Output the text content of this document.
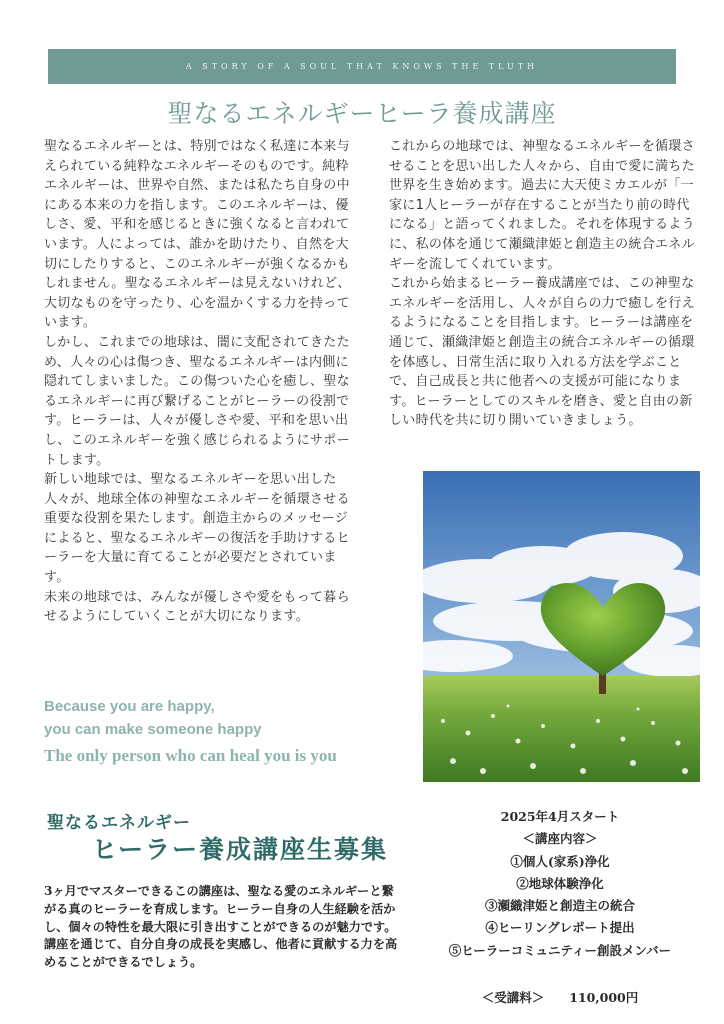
A STORY OF A SOUL THAT KNOWS THE TLUTH
聖なるエネルギーヒーラ養成講座

聖なるエネルギーとは、特別ではなく私達に本来与えられている純粋なエネルギーそのものです。純粋エネルギーは、世界や自然、または私たち自身の中にある本来の力を指します。このエネルギーは、優しさ、愛、平和を感じるときに強くなると言われています。人によっては、誰かを助けたり、自然を大切にしたりすると、このエネルギーが強くなるかもしれません。聖なるエネルギーは見えないけれど、大切なものを守ったり、心を温かくする力を持っています。

しかし、これまでの地球は、闇に支配されてきたため、人々の心は傷つき、聖なるエネルギーは内側に隠れてしまいました。この傷ついた心を癒し、聖なるエネルギーに再び繋げることがヒーラーの役割です。ヒーラーは、人々が優しさや愛、平和を思い出し、このエネルギーを強く感じられるようにサポートします。

新しい地球では、聖なるエネルギーを思い出した人々が、地球全体の神聖なエネルギーを循環させる重要な役割を果たします。創造主からのメッセージによると、聖なるエネルギーの復活を手助けするヒーラーを大量に育てることが必要だとされています。

未来の地球では、みんなが優しさや愛をもって暮らせるようにしていくことが大切になります。

これからの地球では、神聖なるエネルギーを循環させることを思い出した人々から、自由で愛に満ちた世界を生き始めます。過去に大天使ミカエルが「一家に1人ヒーラーが存在することが当たり前の時代になる」と語ってくれました。それを体現するように、私の体を通じて瀬織津姫と創造主の統合エネルギーを流してくれています。

これから始まるヒーラー養成講座では、この神聖なエネルギーを活用し、人々が自らの力で癒しを行えるようになることを目指します。ヒーラーは講座を通じて、瀬織津姫と創造主の統合エネルギーの循環を体感し、日常生活に取り入れる方法を学ぶことで、自己成長と共に他者への支援が可能になります。ヒーラーとしてのスキルを磨き、愛と自由の新しい時代を共に切り開いていきましょう。

Because you are happy,
you can make someone happy
The only person who can heal you is you
聖なるエネルギー
ヒーラー養成講座生募集
3ヶ月でマスターできるこの講座は、聖なる愛のエネルギーと繋がる真のヒーラーを育成します。ヒーラー自身の人生経験を活かし、個々の特性を最大限に引き出すことができるのが魅力です。講座を通じて、自分自身の成長を実感し、他者に貢献する力を高めることができるでしょう。
2025年4月スタート
＜講座内容＞
①個人(家系)浄化
②地球体験浄化
③瀬織津姫と創造主の統合
④ヒーリングレポート提出
⑤ヒーラーコミュニティー創設メンバー
＜受講料＞　　110,000円
